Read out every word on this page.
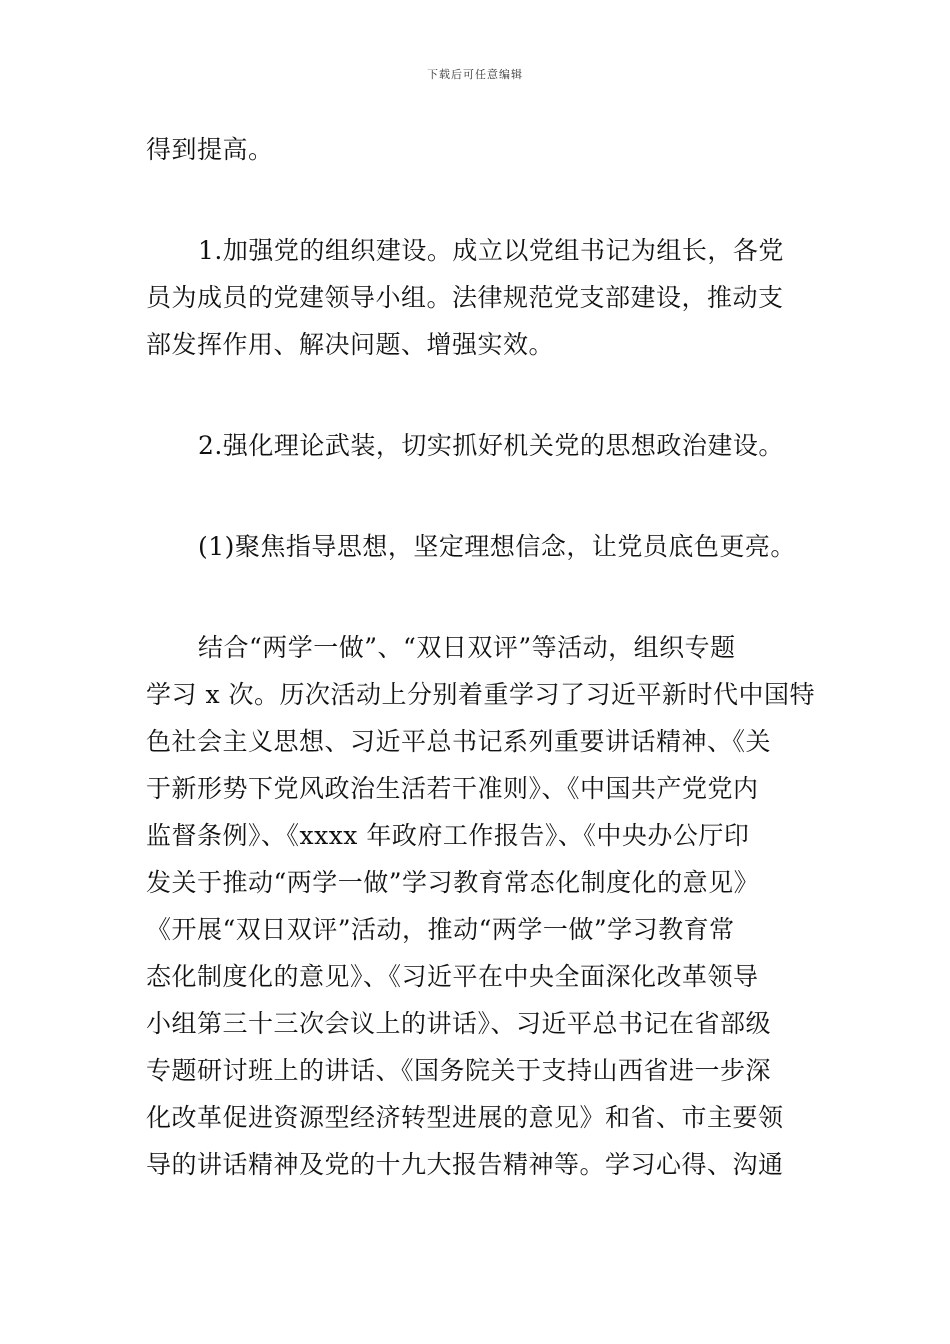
下载后可任意编辑
得到提高。
1.加强党的组织建设。成立以党组书记为组长，各党
员为成员的党建领导小组。法律规范党支部建设，推动支
部发挥作用、解决问题、增强实效。
2.强化理论武装，切实抓好机关党的思想政治建设。
(1)聚焦指导思想，坚定理想信念，让党员底色更亮。
结合“两学一做”、“双日双评”等活动，组织专题
学习 x 次。历次活动上分别着重学习了习近平新时代中国特
色社会主义思想、习近平总书记系列重要讲话精神、《关
于新形势下党风政治生活若干准则》、《中国共产党党内
监督条例》、《xxxx 年政府工作报告》、《中央办公厅印
发关于推动“两学一做”学习教育常态化制度化的意见》
《开展“双日双评”活动，推动“两学一做”学习教育常
态化制度化的意见》、《习近平在中央全面深化改革领导
小组第三十三次会议上的讲话》、习近平总书记在省部级
专题研讨班上的讲话、《国务院关于支持山西省进一步深
化改革促进资源型经济转型进展的意见》和省、市主要领
导的讲话精神及党的十九大报告精神等。学习心得、沟通
